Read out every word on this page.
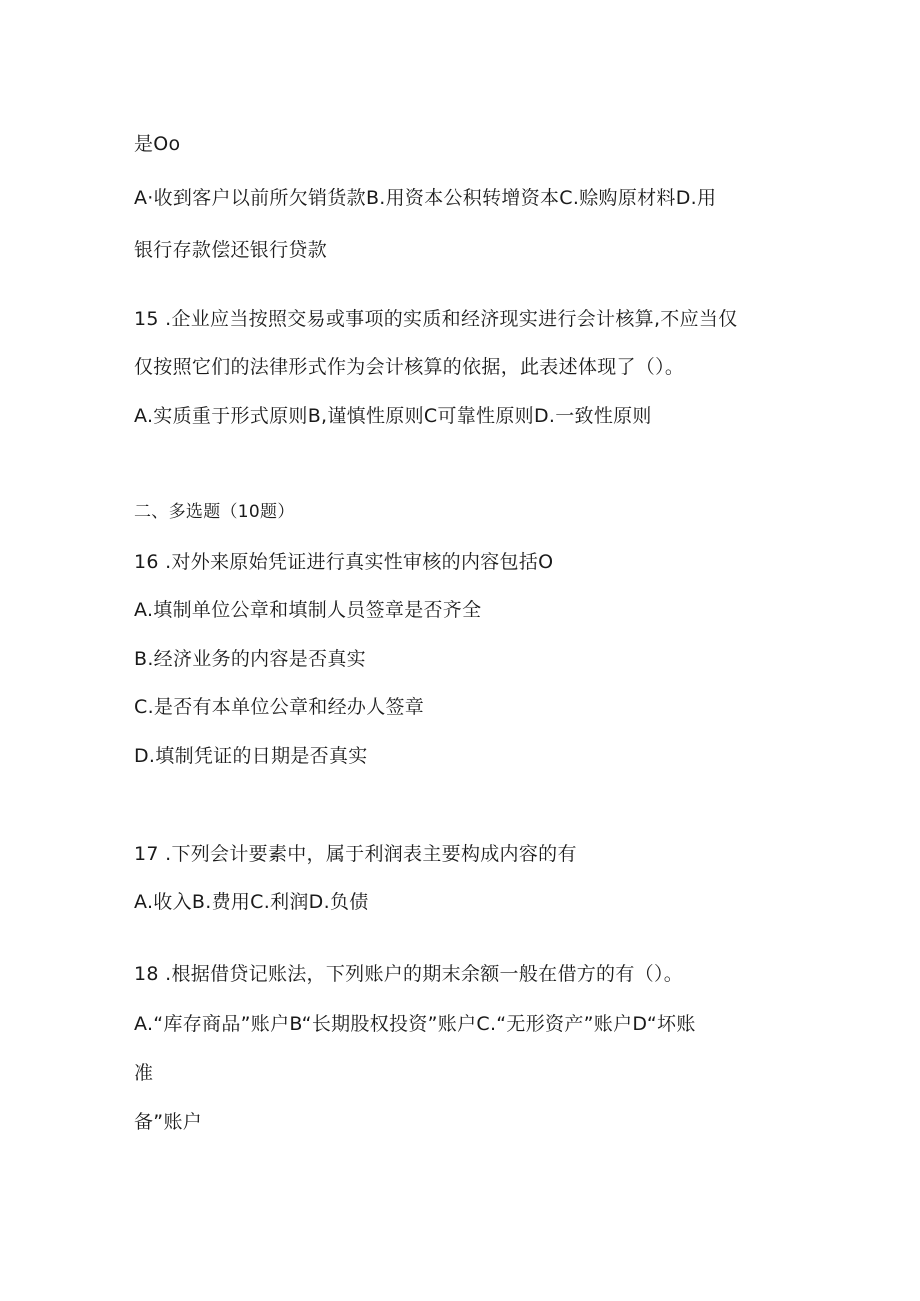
是Oo
A·收到客户以前所欠销货款B.用资本公积转增资本C.赊购原材料D.用
银行存款偿还银行贷款
15 .企业应当按照交易或事项的实质和经济现实进行会计核算,不应当仅
仅按照它们的法律形式作为会计核算的依据，此表述体现了（）。
A.实质重于形式原则B,谨慎性原则C可靠性原则D.一致性原则
二、多选题（10题）
16 .对外来原始凭证进行真实性审核的内容包括O
A.填制单位公章和填制人员签章是否齐全
B.经济业务的内容是否真实
C.是否有本单位公章和经办人签章
D.填制凭证的日期是否真实
17 .下列会计要素中，属于利润表主要构成内容的有
A.收入B.费用C.利润D.负债
18 .根据借贷记账法，下列账户的期末余额一般在借方的有（）。
A.“库存商品”账户B“长期股权投资”账户C.“无形资产”账户D“坏账
准
备”账户
